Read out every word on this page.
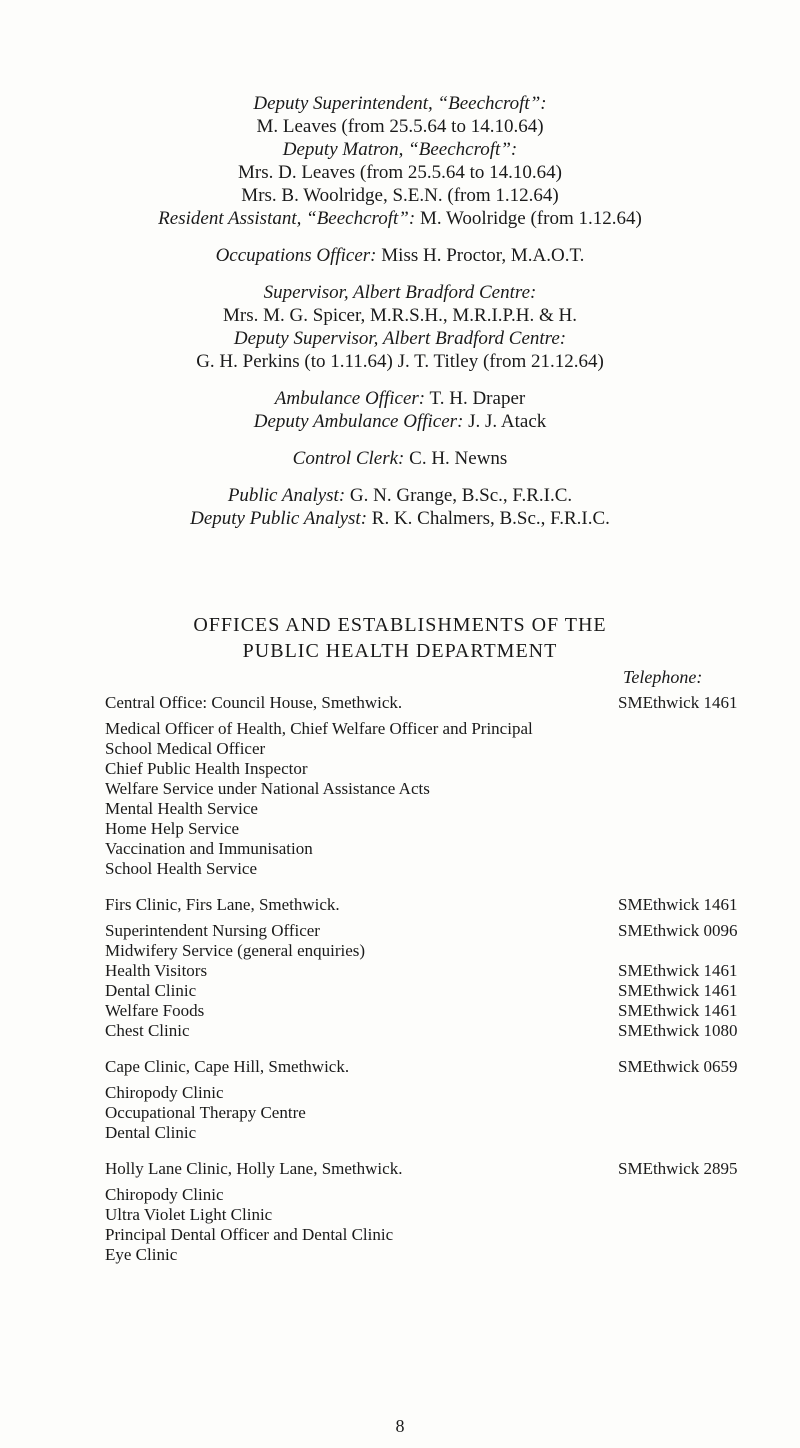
Deputy Superintendent, “Beechcroft”:
M. Leaves (from 25.5.64 to 14.10.64)
Deputy Matron, “Beechcroft”:
Mrs. D. Leaves (from 25.5.64 to 14.10.64)
Mrs. B. Woolridge, S.E.N. (from 1.12.64)
Resident Assistant, “Beechcroft”: M. Woolridge (from 1.12.64)
Occupations Officer: Miss H. Proctor, M.A.O.T.
Supervisor, Albert Bradford Centre:
Mrs. M. G. Spicer, M.R.S.H., M.R.I.P.H. & H.
Deputy Supervisor, Albert Bradford Centre:
G. H. Perkins (to 1.11.64) J. T. Titley (from 21.12.64)
Ambulance Officer: T. H. Draper
Deputy Ambulance Officer: J. J. Atack
Control Clerk: C. H. Newns
Public Analyst: G. N. Grange, B.Sc., F.R.I.C.
Deputy Public Analyst: R. K. Chalmers, B.Sc., F.R.I.C.
OFFICES AND ESTABLISHMENTS OF THE
PUBLIC HEALTH DEPARTMENT
Telephone:
Central Office: Council House, Smethwick.	SMEthwick 1461
Medical Officer of Health, Chief Welfare Officer and Principal School Medical Officer
Chief Public Health Inspector
Welfare Service under National Assistance Acts
Mental Health Service
Home Help Service
Vaccination and Immunisation
School Health Service
Firs Clinic, Firs Lane, Smethwick.	SMEthwick 1461
Superintendent Nursing Officer	SMEthwick 0096
Midwifery Service (general enquiries)
Health Visitors	SMEthwick 1461
Dental Clinic	SMEthwick 1461
Welfare Foods	SMEthwick 1461
Chest Clinic	SMEthwick 1080
Cape Clinic, Cape Hill, Smethwick.	SMEthwick 0659
Chiropody Clinic
Occupational Therapy Centre
Dental Clinic
Holly Lane Clinic, Holly Lane, Smethwick.	SMEthwick 2895
Chiropody Clinic
Ultra Violet Light Clinic
Principal Dental Officer and Dental Clinic
Eye Clinic
8
